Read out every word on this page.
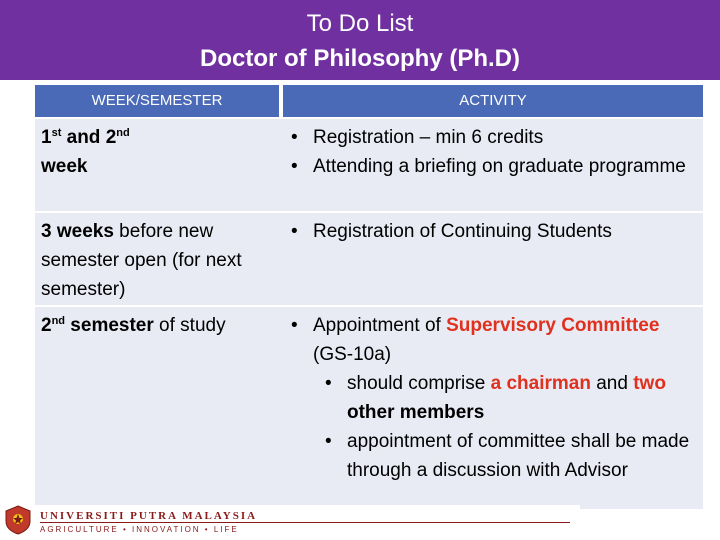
To Do List
Doctor of Philosophy (Ph.D)
WEEK/SEMESTER	ACTIVITY
1st and 2nd
week
• Registration – min 6 credits
• Attending a briefing on graduate programme
3 weeks before new semester open (for next semester)
• Registration of Continuing Students
2nd semester of study	• Appointment of Supervisory Committee (GS-10a)
• should comprise a chairman and two other members
• appointment of committee shall be made through a discussion with Advisor
UNIVERSITI PUTRA MALAYSIA
AGRICULTURE • INNOVATION • LIFE
